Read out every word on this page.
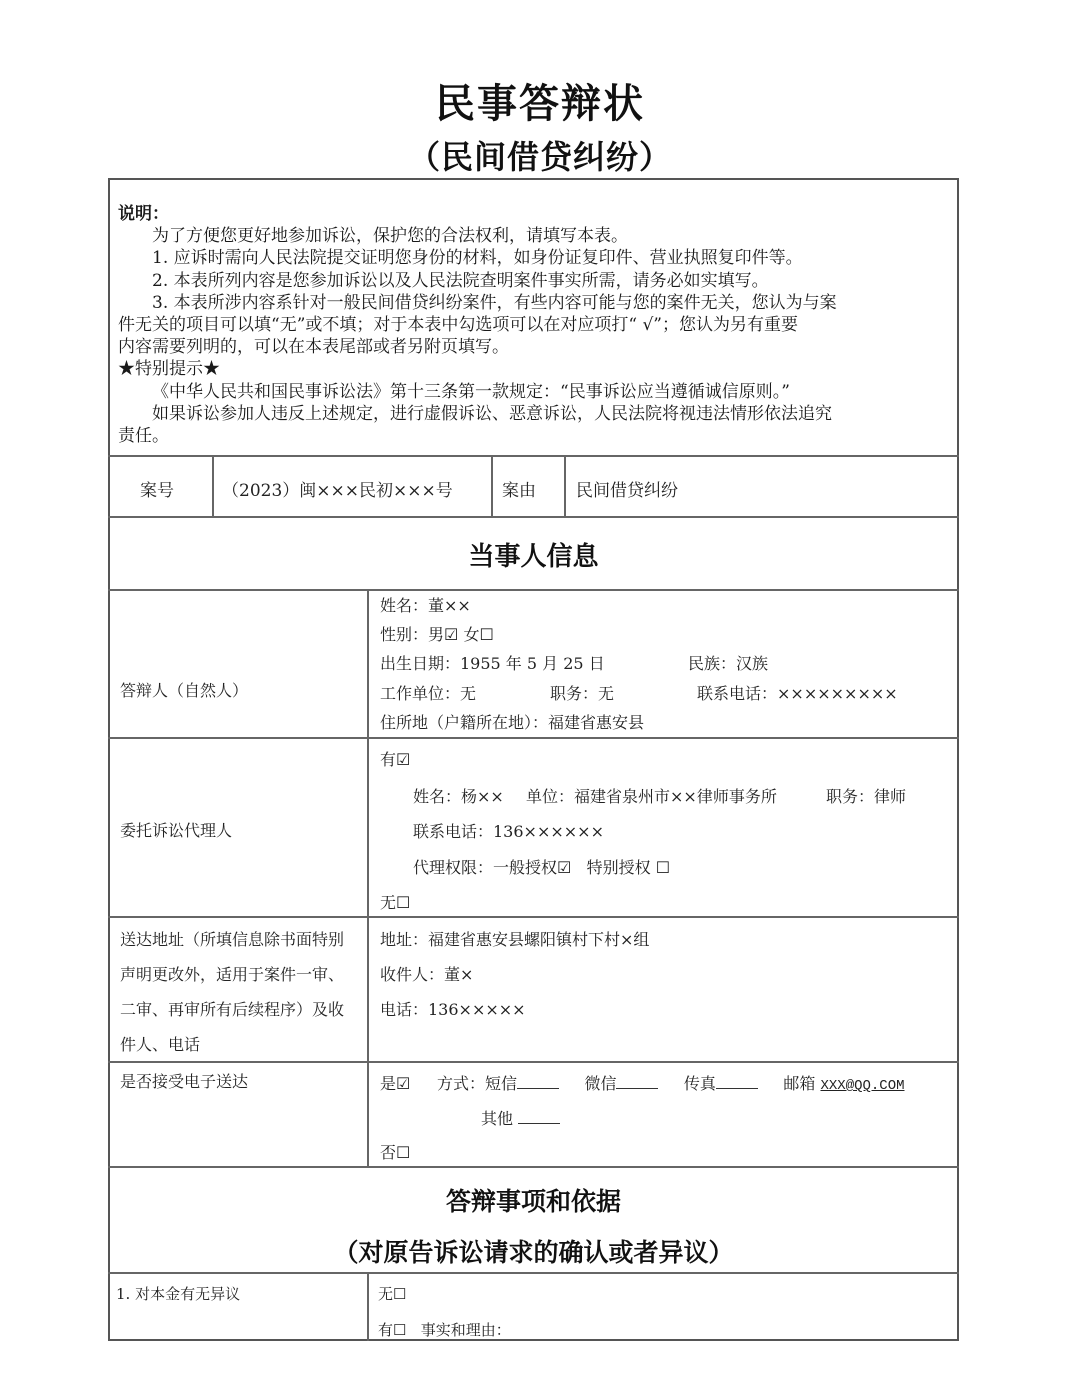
民事答辩状
（民间借贷纠纷）

说明：

为了方便您更好地参加诉讼，保护您的合法权利，请填写本表。

1. 应诉时需向人民法院提交证明您身份的材料，如身份证复印件、营业执照复印件等。

2. 本表所列内容是您参加诉讼以及人民法院查明案件事实所需，请务必如实填写。

3. 本表所涉内容系针对一般民间借贷纠纷案件，有些内容可能与您的案件无关，您认为与案

件无关的项目可以填“无”或不填；对于本表中勾选项可以在对应项打“ √”；您认为另有重要

内容需要列明的，可以在本表尾部或者另附页填写。

★特别提示★

《中华人民共和国民事诉讼法》第十三条第一款规定：“民事诉讼应当遵循诚信原则。”

如果诉讼参加人违反上述规定，进行虚假诉讼、恶意诉讼，人民法院将视违法情形依法追究

责任。

案号	（2023）闽×××民初×××号	案由 民间借贷纠纷
当事人信息
答辩人（自然人）
姓名：董××
性别：男☑ 女☐
出生日期：1955 年 5 月 25 日	民族：汉族
工作单位：无	职务：无	联系电话：×××××××××
住所地（户籍所在地）：福建省惠安县
委托诉讼代理人
有☑
姓名：杨×× 单位：福建省泉州市××律师事务所	职务：律师
联系电话：136××××××
代理权限：一般授权☑ 特别授权 ☐
无☐
送达地址（所填信息除书面特别
声明更改外，适用于案件一审、
二审、再审所有后续程序）及收
件人、电话
地址：福建省惠安县螺阳镇村下村×组
收件人：董×
电话：136×××××
是否接受电子送达	是☑ 方式：短信	微信	传真	邮箱 XXX@QQ.COM
其他
否☐
答辩事项和依据
（对原告诉讼请求的确认或者异议）
1. 对本金有无异议	无☐
有☐ 事实和理由：
